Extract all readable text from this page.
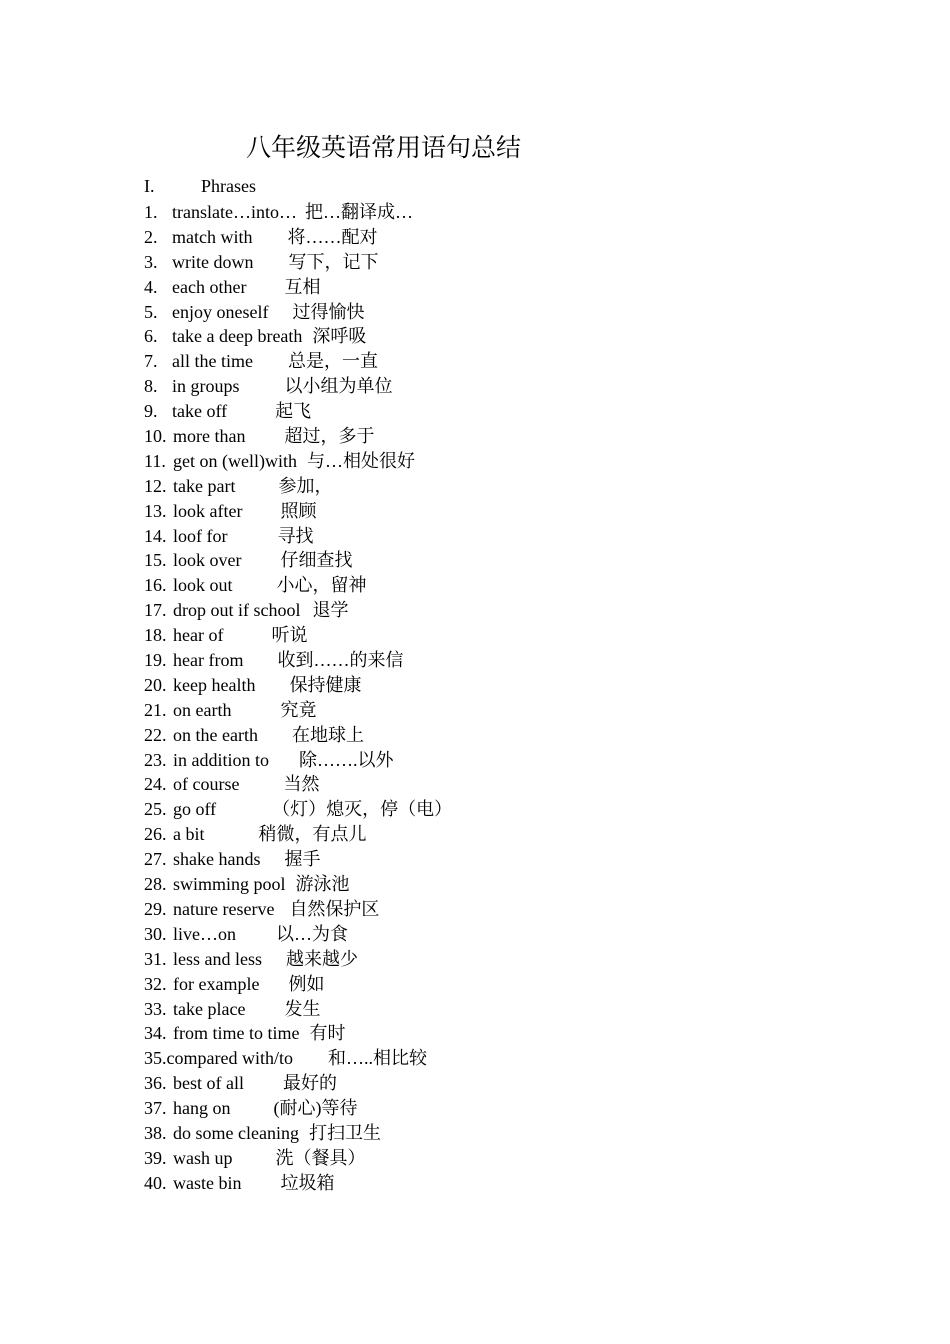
八年级英语常用语句总结
I.	Phrases
1. translate…into… 把…翻译成…
2. match with 将……配对
3. write down 写下，记下
4. each other 互相
5. enjoy oneself 过得愉快
6. take a deep breath 深呼吸
7. all the time 总是，一直
8. in groups	以小组为单位
9. take off	起飞
10. more than 超过，多于
11. get on (well)with 与…相处很好
12. take part 参加，
13. look after 照顾
14. loof for	寻找
15. look over 仔细查找
16. look out 小心，留神
17. drop out if school 退学
18. hear of	听说
19. hear from 收到……的来信
20. keep health 保持健康
21. on earth	究竟
22. on the earth 在地球上
23. in addition to 除…….以外
24. of course 当然
25. go off	（灯）熄灭，停（电）
26. a bit	稍微，有点儿
27. shake hands 握手
28. swimming pool 游泳池
29. nature reserve 自然保护区
30. live…on 以…为食
31. less and less 越来越少
32. for example 例如
33. take place 发生
34. from time to time 有时
35.compared with/to 和…..相比较
36. best of all 最好的
37. hang on (耐心)等待
38. do some cleaning 打扫卫生
39. wash up 洗（餐具）
40. waste bin 垃圾箱
